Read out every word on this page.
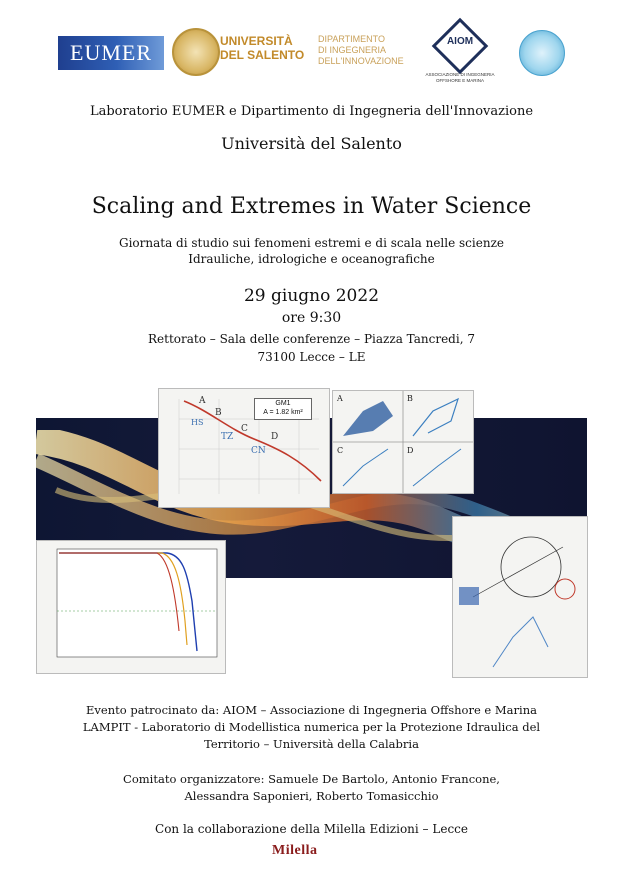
EUMER	UNIVERSITÀ
DEL SALENTO
DIPARTIMENTO
DI INGEGNERIA
DELL'INNOVAZIONE
AIOM
ASSOCIAZIONE DI INGEGNERIA OFFSHORE E MARINA
Laboratorio EUMER e Dipartimento di Ingegneria dell'Innovazione
Università del Salento
Scaling and Extremes in Water Science
Giornata di studio sui fenomeni estremi e di scala nelle scienze
Idrauliche, idrologiche e oceanografiche
29 giugno 2022
ore 9:30
Rettorato – Sala delle conferenze – Piazza Tancredi, 7
73100 Lecce – LE
A
B
C
D
TZ
CN
HS
GM1
A = 1.82 km²
A	B
C	D
Evento patrocinato da: AIOM – Associazione di Ingegneria Offshore e Marina
LAMPIT - Laboratorio di Modellistica numerica per la Protezione Idraulica del
Territorio – Università della Calabria
Comitato organizzatore: Samuele De Bartolo, Antonio Francone,
Alessandra Saponieri, Roberto Tomasicchio
Con la collaborazione della Milella Edizioni – Lecce
Milella
